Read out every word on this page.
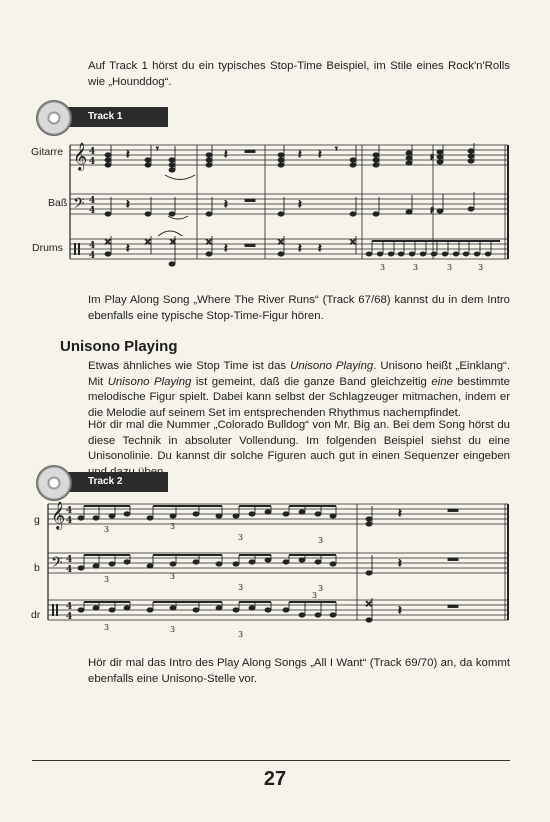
Auf Track 1 hörst du ein typisches Stop-Time Beispiel, im Stile eines Rock'n'Rolls wie „Hounddog“.
Track 1
Gitarre
Baß
Drums
Im Play Along Song „Where The River Runs“ (Track 67/68) kannst du in dem Intro ebenfalls eine typische Stop-Time-Figur hören.
Unisono Playing
Etwas ähnliches wie Stop Time ist das Unisono Playing. Unisono heißt „Einklang“. Mit Unisono Playing ist gemeint, daß die ganze Band gleichzeitig eine bestimmte melodische Figur spielt. Dabei kann selbst der Schlagzeuger mitmachen, indem er die Melodie auf seinem Set im entsprechenden Rhythmus nachempfindet.
Hör dir mal die Nummer „Colorado Bulldog“ von Mr. Big an. Bei dem Song hörst du diese Technik in absoluter Vollendung. Im folgenden Beispiel siehst du eine Unisonolinie. Du kannst dir solche Figuren auch gut in einen Sequenzer eingeben
Track 2
g
b
dr
Hör dir mal das Intro des Play Along Songs „All I Want“ (Track 69/70) an, da kommt ebenfalls eine Unisono-Stelle vor.
𝄞
𝄢
4
4
4
4
4
4
𝄽	𝄾	𝄽	𝄽 𝄽 𝄾
♯
𝄽	𝄽	𝄽	♯
✕ 𝄽 ✕ ✕	✕ 𝄽	✕ 𝄽 𝄽	✕
3	3	3	3
𝄞
𝄢
4
4
4
4
4
4
𝄽
𝄽
✕ 𝄽
3	3
3	3
3	3
3	3
3	3
3
3
27
